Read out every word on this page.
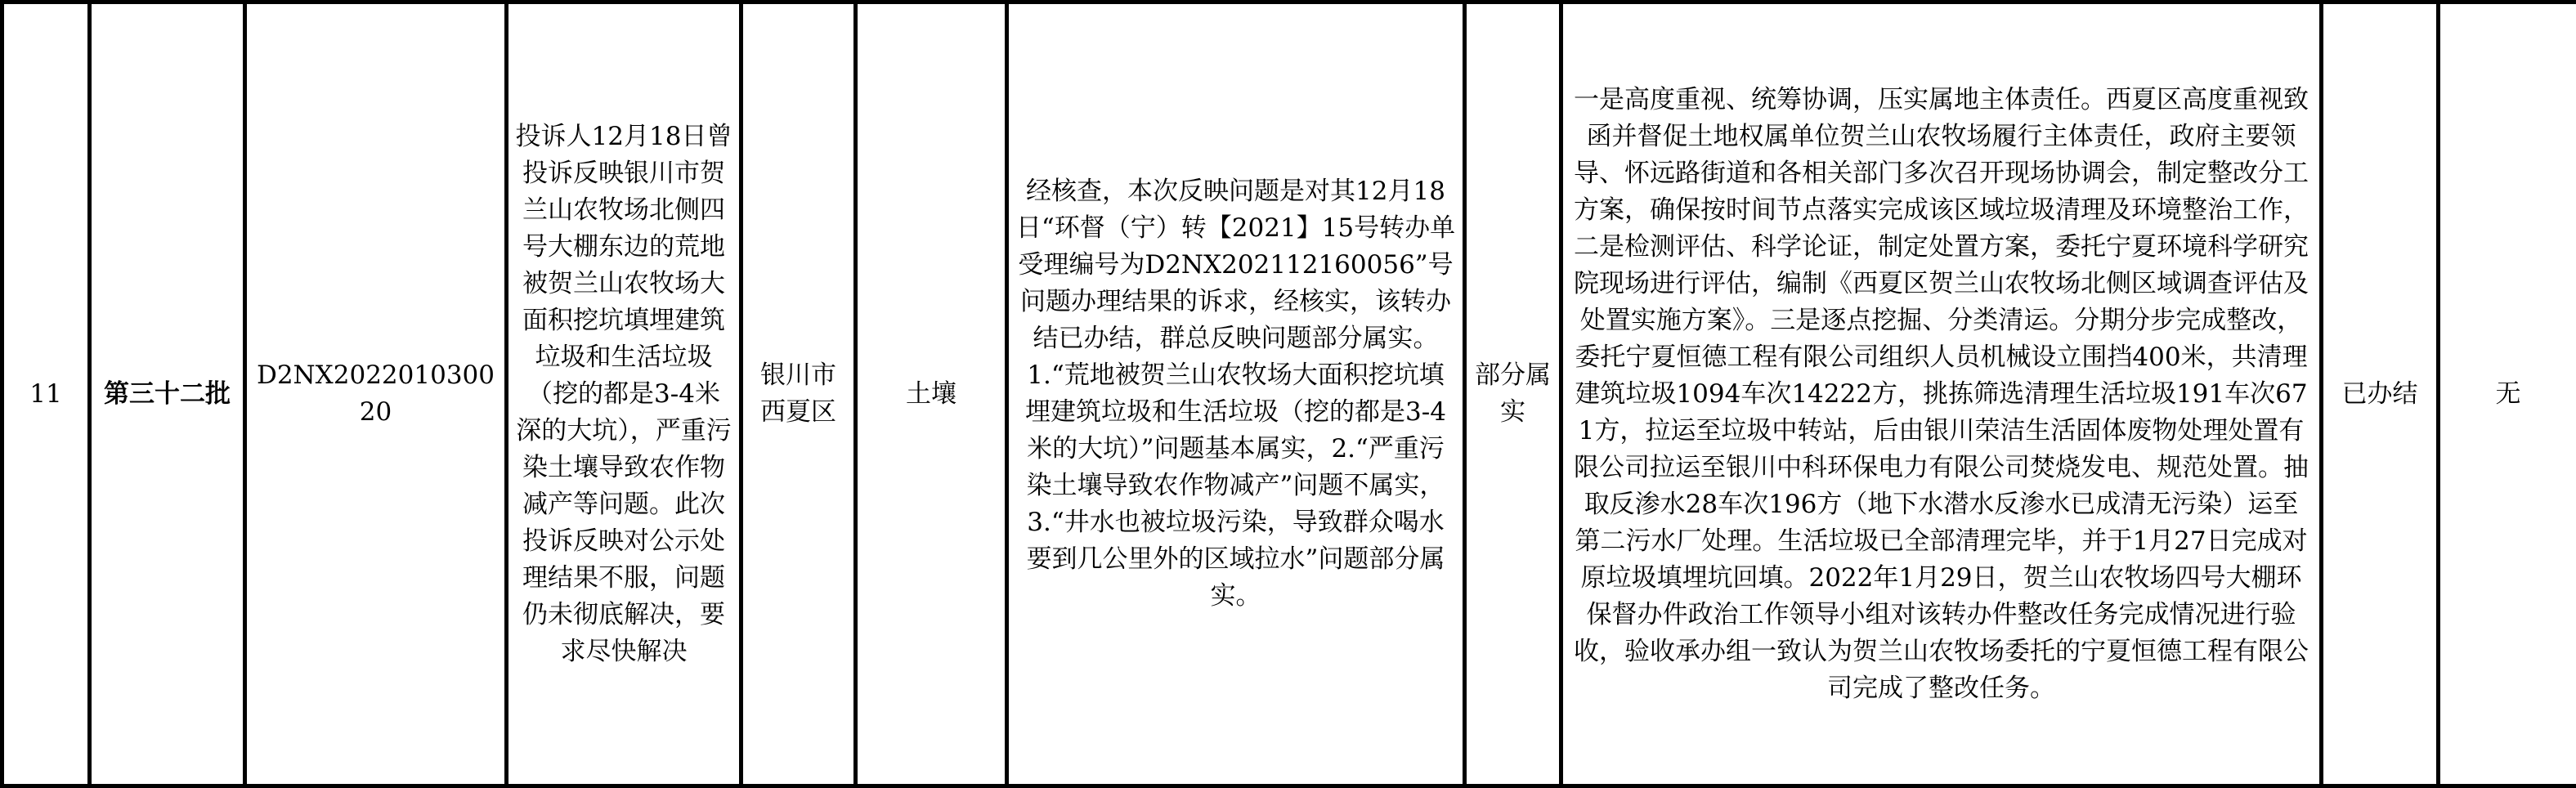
11	第三十二批	D2NX202201030020	投诉人12月18日曾投诉反映银川市贺兰山农牧场北侧四号大棚东边的荒地被贺兰山农牧场大面积挖坑填埋建筑垃圾和生活垃圾（挖的都是3-4米深的大坑），严重污染土壤导致农作物减产等问题。此次投诉反映对公示处理结果不服，问题仍未彻底解决，要求尽快解决	银川市西夏区	土壤	经核查，本次反映问题是对其12月18日“环督（宁）转【2021】15号转办单受理编号为D2NX202112160056”号问题办理结果的诉求，经核实，该转办结已办结，群总反映问题部分属实。1.“荒地被贺兰山农牧场大面积挖坑填埋建筑垃圾和生活垃圾（挖的都是3-4米的大坑）”问题基本属实，2.“严重污染土壤导致农作物减产”问题不属实，3.“井水也被垃圾污染，导致群众喝水要到几公里外的区域拉水”问题部分属实。	部分属实	一是高度重视、统筹协调，压实属地主体责任。西夏区高度重视致函并督促土地权属单位贺兰山农牧场履行主体责任，政府主要领导、怀远路街道和各相关部门多次召开现场协调会，制定整改分工方案，确保按时间节点落实完成该区域垃圾清理及环境整治工作，二是检测评估、科学论证，制定处置方案，委托宁夏环境科学研究院现场进行评估，编制《西夏区贺兰山农牧场北侧区域调查评估及处置实施方案》。三是逐点挖掘、分类清运。分期分步完成整改，委托宁夏恒德工程有限公司组织人员机械设立围挡400米，共清理建筑垃圾1094车次14222方，挑拣筛选清理生活垃圾191车次671方，拉运至垃圾中转站，后由银川荣洁生活固体废物处理处置有限公司拉运至银川中科环保电力有限公司焚烧发电、规范处置。抽取反渗水28车次196方（地下水潜水反渗水已成清无污染）运至第二污水厂处理。生活垃圾已全部清理完毕，并于1月27日完成对原垃圾填埋坑回填。2022年1月29日，贺兰山农牧场四号大棚环保督办件政治工作领导小组对该转办件整改任务完成情况进行验收，验收承办组一致认为贺兰山农牧场委托的宁夏恒德工程有限公司完成了整改任务。	已办结	无
